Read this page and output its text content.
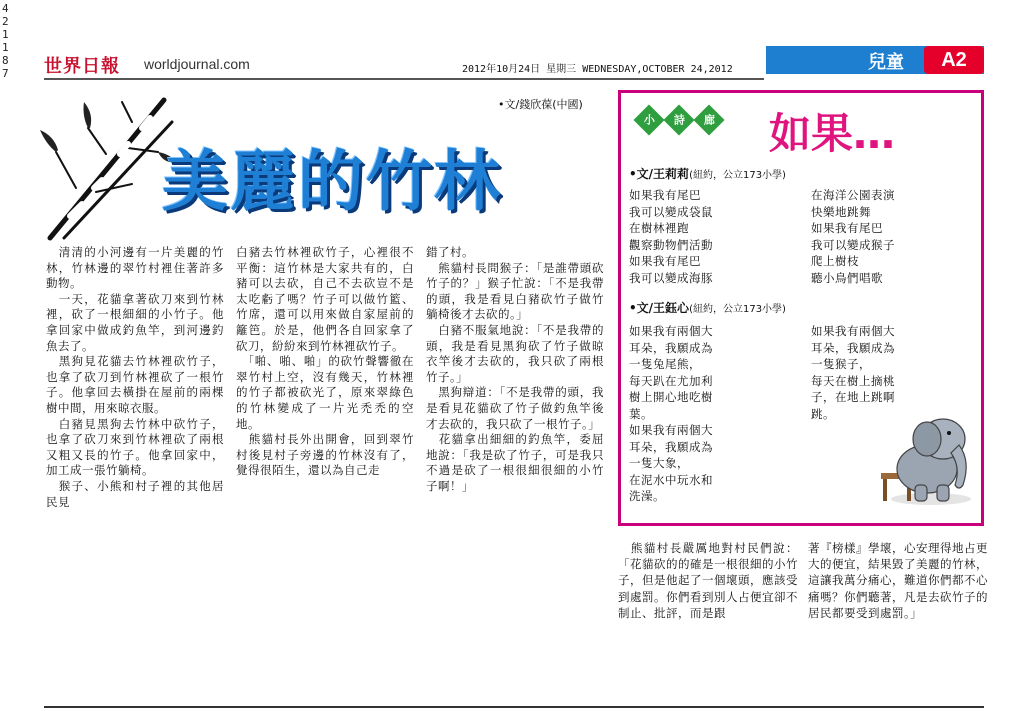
421187 世界日報 worldjournal.com	2012年10月24日 星期三 WEDNESDAY,OCTOBER 24,2012	兒童	A2
•文/錢欣葆(中國)
美麗的竹林

　清清的小河邊有一片美麗的竹林，竹林邊的翠竹村裡住著許多動物。
　一天，花貓拿著砍刀來到竹林裡，砍了一根細細的小竹子。他拿回家中做成釣魚竿，到河邊釣魚去了。
　黑狗見花貓去竹林裡砍竹子，也拿了砍刀到竹林裡砍了一根竹子。他拿回去橫掛在屋前的兩棵樹中間，用來晾衣服。
　白豬見黑狗去竹林中砍竹子，也拿了砍刀來到竹林裡砍了兩根又粗又長的竹子。他拿回家中，加工成一張竹躺椅。
　猴子、小熊和村子裡的其他居民見

白豬去竹林裡砍竹子，心裡很不平衡：這竹林是大家共有的，白豬可以去砍，自己不去砍豈不是太吃虧了嗎？竹子可以做竹籃、竹席，還可以用來做自家屋前的籬笆。於是，他們各自回家拿了砍刀，紛紛來到竹林裡砍竹子。
　「啪、啪、啪」的砍竹聲響徹在翠竹村上空，沒有幾天，竹林裡的竹子都被砍光了，原來翠綠色的竹林變成了一片光禿禿的空地。
　熊貓村長外出開會，回到翠竹村後見村子旁邊的竹林沒有了，覺得很陌生，還以為自己走

錯了村。
　熊貓村長問猴子：「是誰帶頭砍竹子的？」猴子忙說：「不是我帶的頭，我是看見白豬砍竹子做竹躺椅後才去砍的。」
　白豬不服氣地說：「不是我帶的頭，我是看見黑狗砍了竹子做晾衣竿後才去砍的，我只砍了兩根竹子。」
　黑狗辯道：「不是我帶的頭，我是看見花貓砍了竹子做釣魚竿後才去砍的，我只砍了一根竹子。」
　花貓拿出細細的釣魚竿，委屈地說：「我是砍了竹子，可是我只不過是砍了一根很細很細的小竹子啊！」

小	詩	廊 如果…
•文/王莉莉(紐約，公立173小學)
如果我有尾巴
我可以變成袋鼠
在樹林裡跑
觀察動物們活動
如果我有尾巴
我可以變成海豚
在海洋公園表演
快樂地跳舞
如果我有尾巴
我可以變成猴子
爬上樹枝
聽小鳥們唱歌
•文/王鈺心(紐約，公立173小學)
如果我有兩個大
耳朵，我願成為
一隻兔尾熊，
每天趴在尤加利
樹上開心地吃樹
葉。
如果我有兩個大
耳朵，我願成為
一隻大象，
在泥水中玩水和
洗澡。
如果我有兩個大
耳朵，我願成為
一隻猴子，
每天在樹上摘桃
子，在地上跳啊
跳。

　熊貓村長嚴厲地對村民們說：「花貓砍的的確是一根很細的小竹子，但是他起了一個壞頭，應該受到處罰。你們看到別人占便宜卻不制止、批評，而是跟

著『榜樣』學壞，心安理得地占更大的便宜，結果毀了美麗的竹林，這讓我萬分痛心，難道你們都不心痛嗎？你們聽著，凡是去砍竹子的居民都要受到處罰。」
